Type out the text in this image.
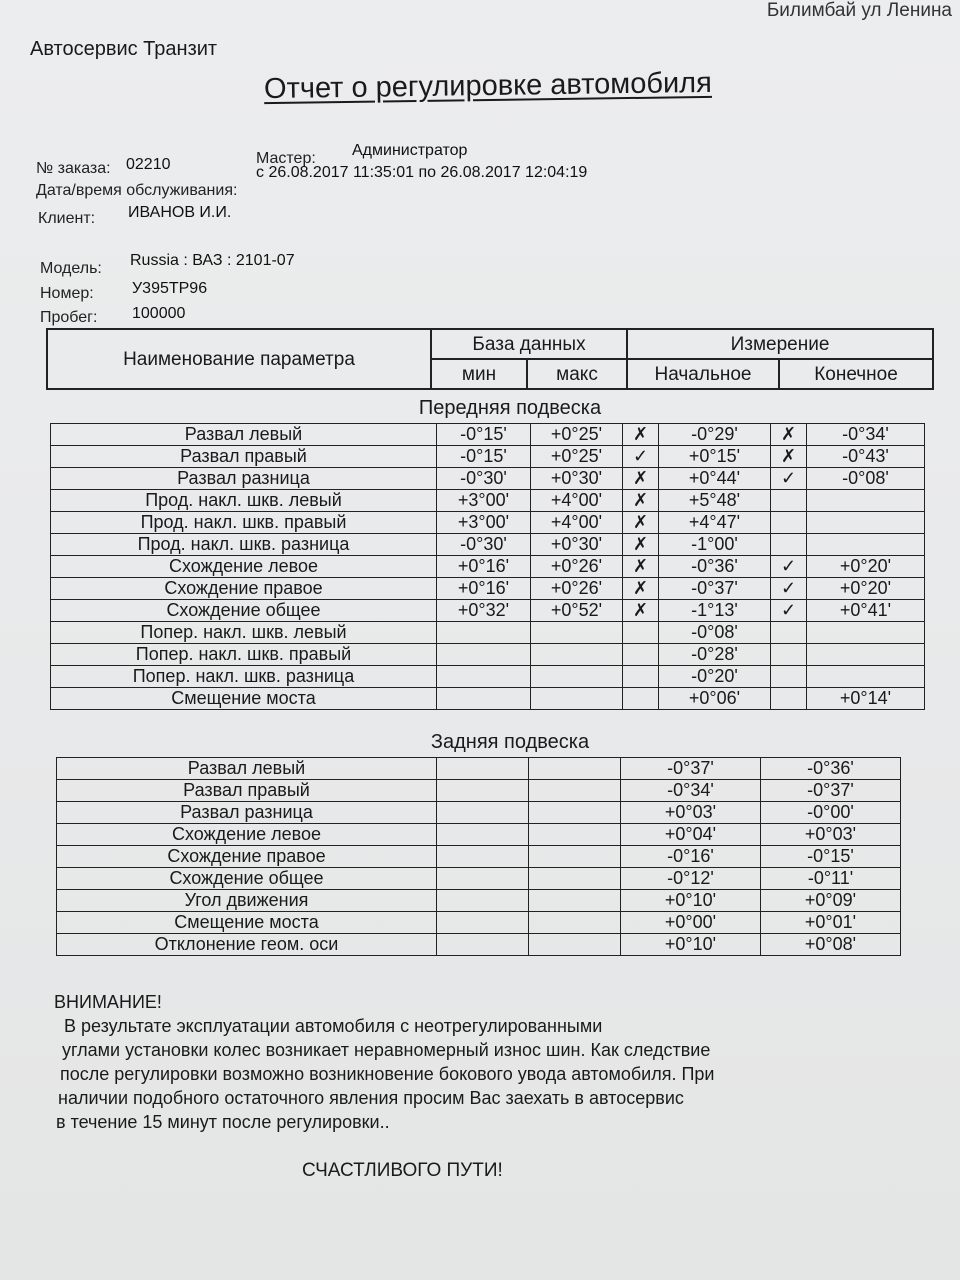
Билимбай ул Ленина
Автосервис Транзит
Отчет о регулировке автомобиля
№ заказа: 02210	Мастер: Администратор
Дата/время обслуживания:
с 26.08.2017 11:35:01 по 26.08.2017 12:04:19
Клиент: ИВАНОВ И.И.
Модель: Russia : ВАЗ : 2101-07
Номер: У395ТР96
Пробег: 100000
Наименование параметра	База данных		Измерение	
	мин	макс	Начальное	Конечное
Передняя подвеска
Развал левый	-0°15'	+0°25'	✗	-0°29'	✗	-0°34'
Развал правый	-0°15'	+0°25'	✓	+0°15'	✗	-0°43'
Развал разница	-0°30'	+0°30'	✗	+0°44'	✓	-0°08'
Прод. накл. шкв. левый	+3°00'	+4°00'	✗	+5°48'		
Прод. накл. шкв. правый	+3°00'	+4°00'	✗	+4°47'		
Прод. накл. шкв. разница	-0°30'	+0°30'	✗	-1°00'		
Схождение левое	+0°16'	+0°26'	✗	-0°36'	✓	+0°20'
Схождение правое	+0°16'	+0°26'	✗	-0°37'	✓	+0°20'
Схождение общее	+0°32'	+0°52'	✗	-1°13'	✓	+0°41'
Попер. накл. шкв. левый				-0°08'		
Попер. накл. шкв. правый				-0°28'		
Попер. накл. шкв. разница				-0°20'		
Смещение моста				+0°06'		+0°14'
Задняя подвеска
Развал левый			-0°37'	-0°36'
Развал правый			-0°34'	-0°37'
Развал разница			+0°03'	-0°00'
Схождение левое			+0°04'	+0°03'
Схождение правое			-0°16'	-0°15'
Схождение общее			-0°12'	-0°11'
Угол движения			+0°10'	+0°09'
Смещение моста			+0°00'	+0°01'
Отклонение геом. оси			+0°10'	+0°08'

ВНИМАНИЕ!

В результате эксплуатации автомобиля с неотрегулированными

углами установки колес возникает неравномерный износ шин. Как следствие

после регулировки возможно возникновение бокового увода автомобиля. При

наличии подобного остаточного явления просим Вас заехать в автосервис

в течение 15 минут после регулировки..

СЧАСТЛИВОГО ПУТИ!
